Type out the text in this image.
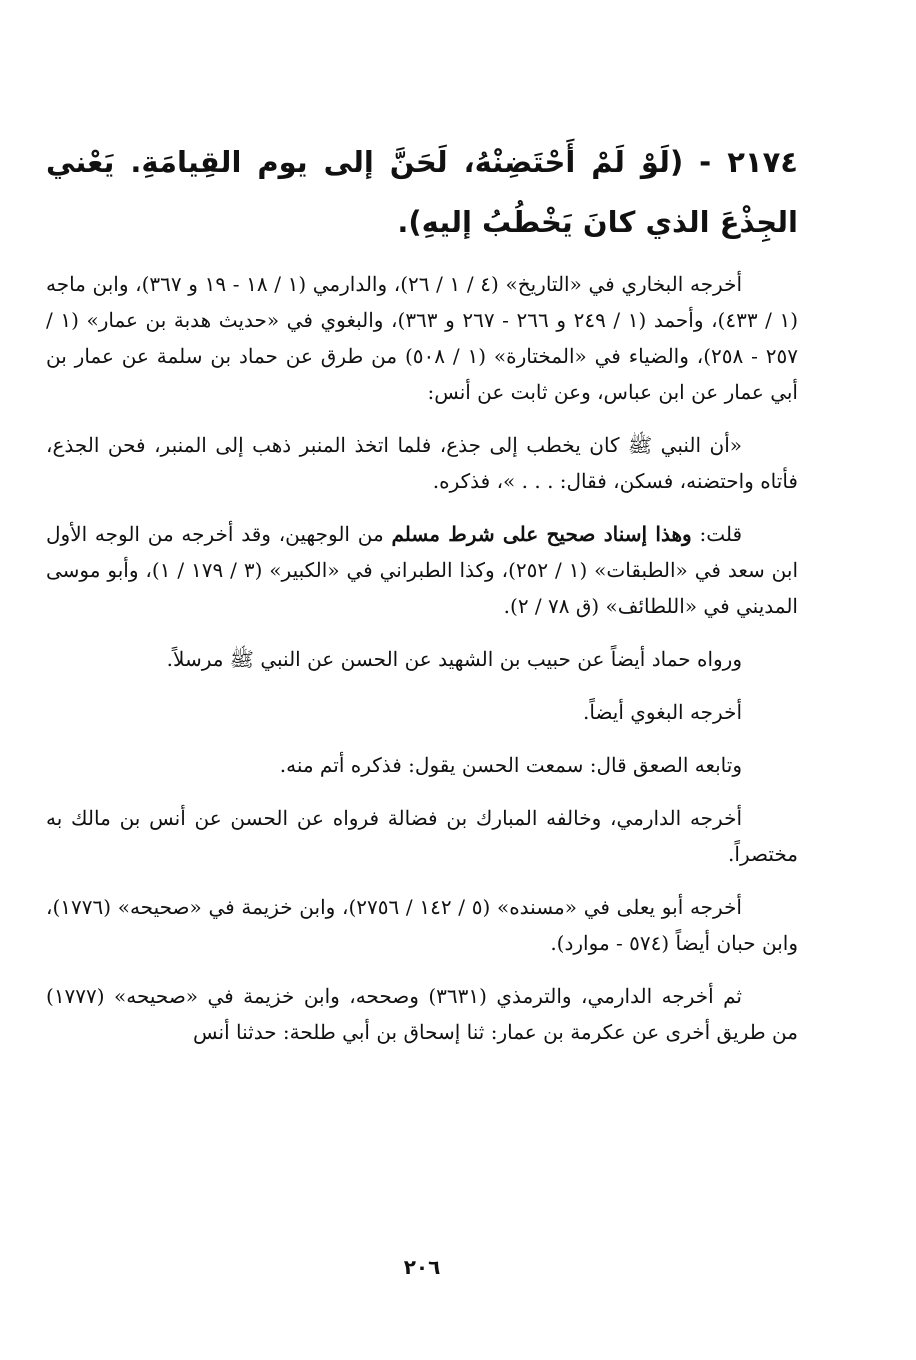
٢١٧٤ - (لَوْ لَمْ أَحْتَضِنْهُ، لَحَنَّ إلى يوم القِيامَةِ. يَعْني الجِذْعَ الذي كانَ يَخْطُبُ إليهِ).

أخرجه البخاري في «التاريخ» (٤ / ١ / ٢٦)، والدارمي (١ / ١٨ - ١٩ و ٣٦٧)، وابن ماجه (١ / ٤٣٣)، وأحمد (١ / ٢٤٩ و ٢٦٦ - ٢٦٧ و ٣٦٣)، والبغوي في «حديث هدبة بن عمار» (١ / ٢٥٧ - ٢٥٨)، والضياء في «المختارة» (١ / ٥٠٨) من طرق عن حماد بن سلمة عن عمار بن أبي عمار عن ابن عباس، وعن ثابت عن أنس:

«أن النبي ﷺ كان يخطب إلى جذع، فلما اتخذ المنبر ذهب إلى المنبر، فحن الجذع، فأتاه واحتضنه، فسكن، فقال: . . . »، فذكره.

قلت: وهذا إسناد صحيح على شرط مسلم من الوجهين، وقد أخرجه من الوجه الأول ابن سعد في «الطبقات» (١ / ٢٥٢)، وكذا الطبراني في «الكبير» (٣ / ١٧٩ / ١)، وأبو موسى المديني في «اللطائف» (ق ٧٨ / ٢).

ورواه حماد أيضاً عن حبيب بن الشهيد عن الحسن عن النبي ﷺ مرسلاً.

أخرجه البغوي أيضاً.

وتابعه الصعق قال: سمعت الحسن يقول: فذكره أتم منه.

أخرجه الدارمي، وخالفه المبارك بن فضالة فرواه عن الحسن عن أنس بن مالك به مختصراً.

أخرجه أبو يعلى في «مسنده» (٥ / ١٤٢ / ٢٧٥٦)، وابن خزيمة في «صحيحه» (١٧٧٦)، وابن حبان أيضاً (٥٧٤ - موارد).

ثم أخرجه الدارمي، والترمذي (٣٦٣١) وصححه، وابن خزيمة في «صحيحه» (١٧٧٧) من طريق أخرى عن عكرمة بن عمار: ثنا إسحاق بن أبي طلحة: حدثنا أنس

٢٠٦
